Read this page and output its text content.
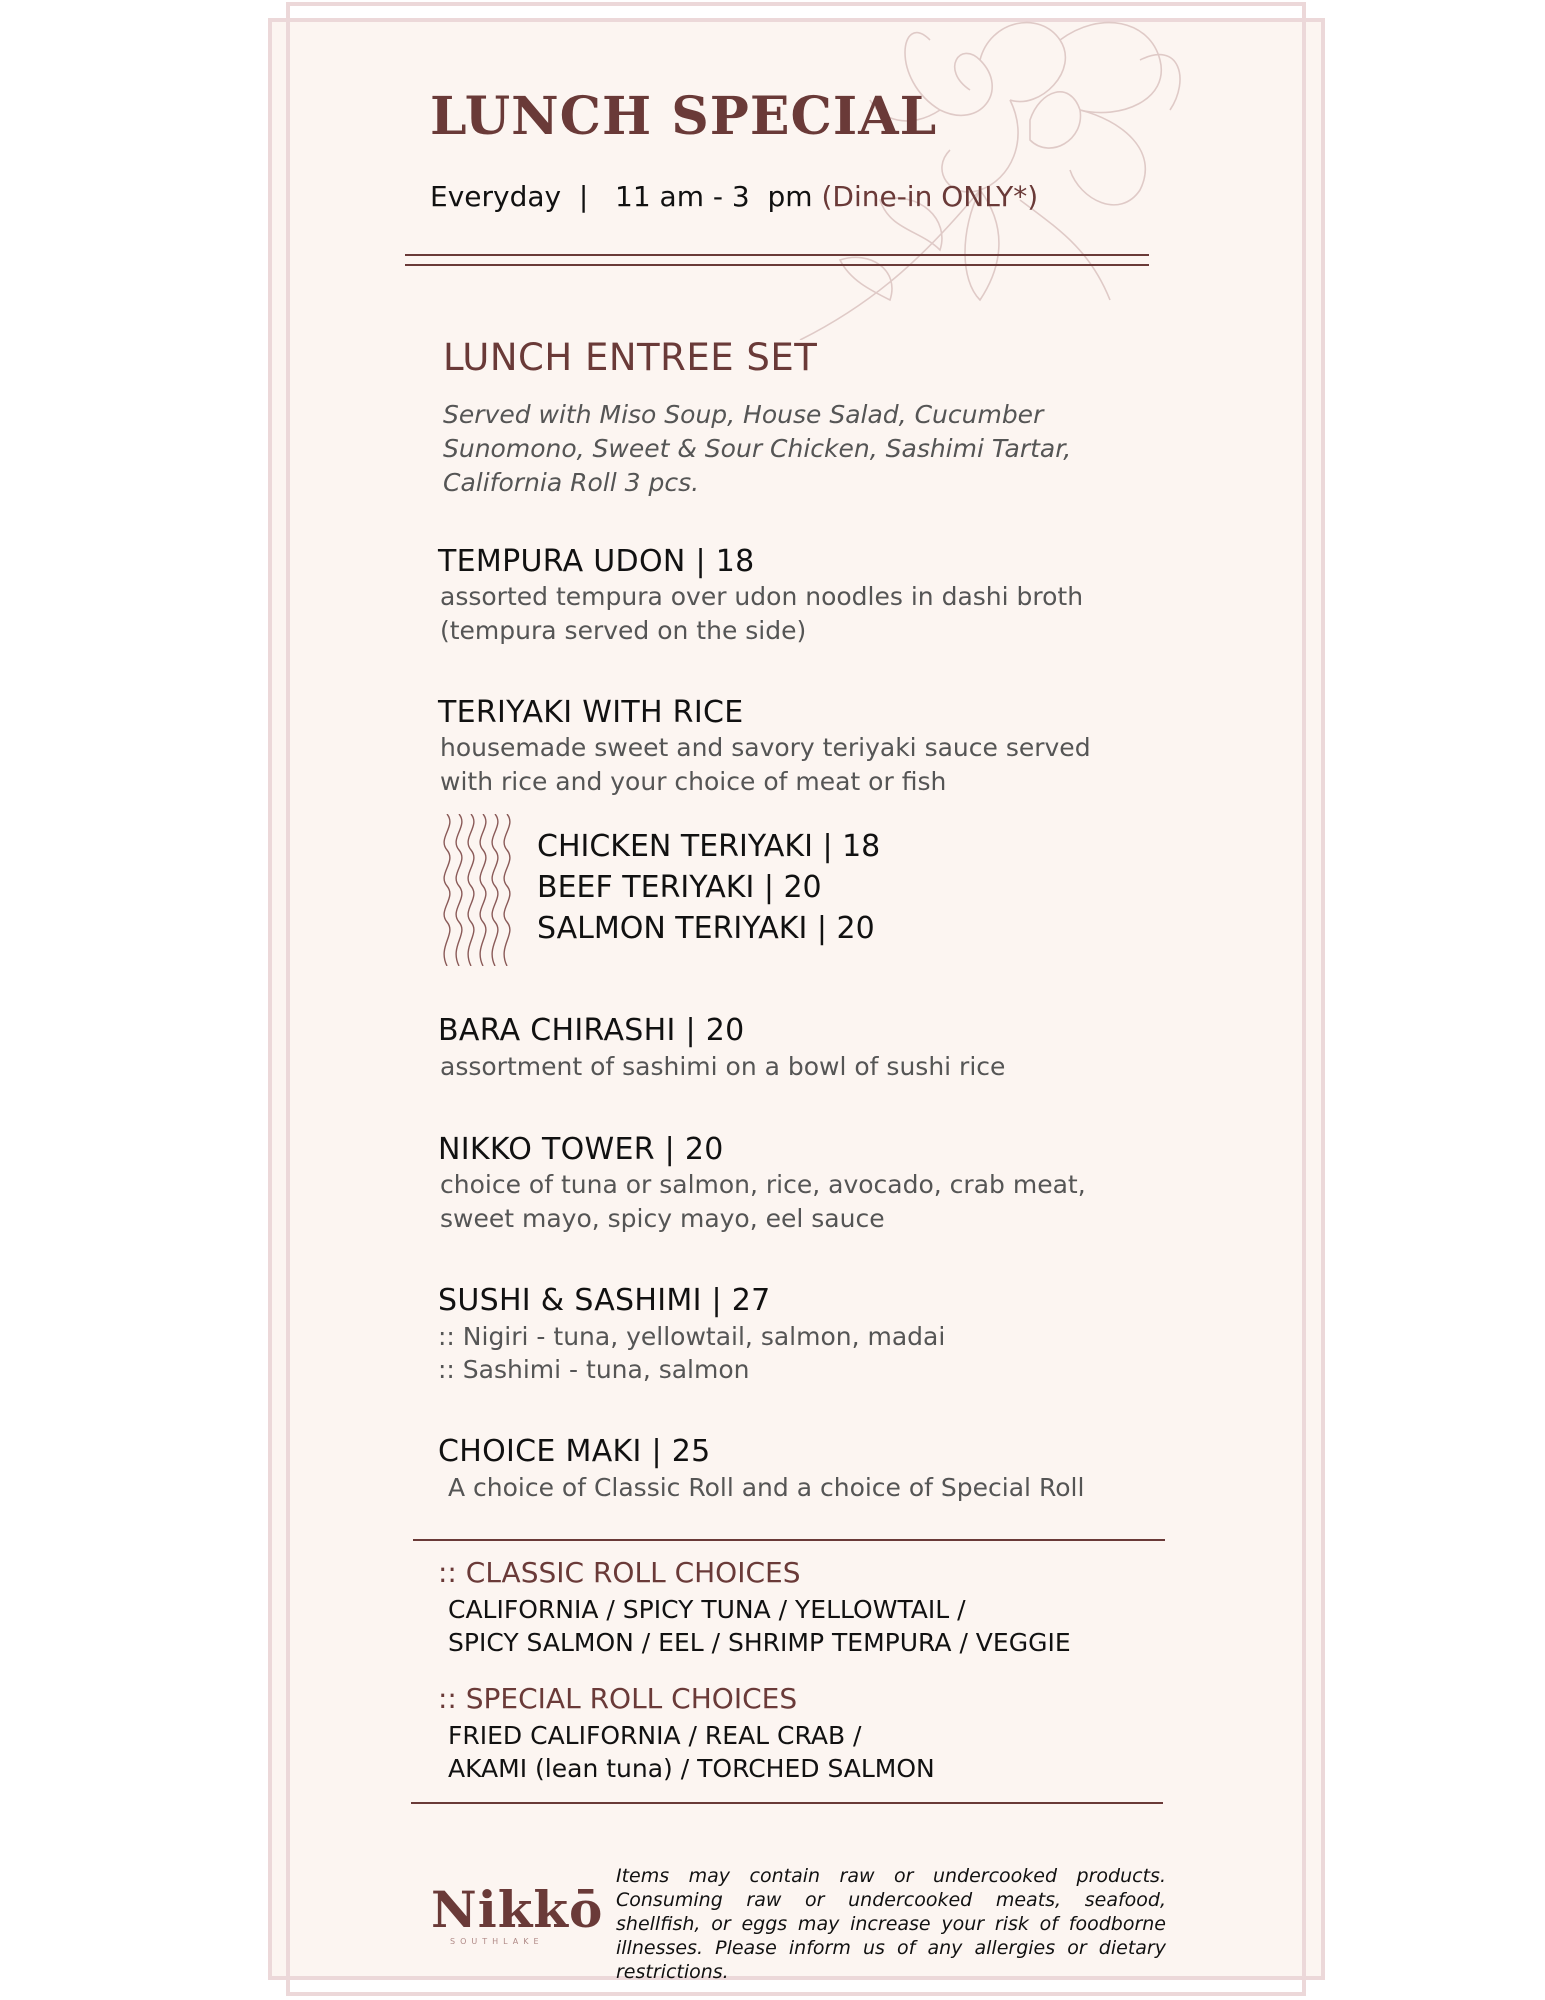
LUNCH SPECIAL
Everyday  |   11 am - 3  pm (Dine-in ONLY*)
LUNCH ENTREE SET
Served with Miso Soup, House Salad, Cucumber Sunomono, Sweet & Sour Chicken, Sashimi Tartar, California Roll 3 pcs.
TEMPURA UDON | 18
assorted tempura over udon noodles in dashi broth
(tempura served on the side)
TERIYAKI WITH RICE
housemade sweet and savory teriyaki sauce served
with rice and your choice of meat or fish
CHICKEN TERIYAKI | 18
BEEF TERIYAKI | 20
SALMON TERIYAKI | 20
BARA CHIRASHI | 20
assortment of sashimi on a bowl of sushi rice
NIKKO TOWER | 20
choice of tuna or salmon, rice, avocado, crab meat,
sweet mayo, spicy mayo, eel sauce
SUSHI & SASHIMI | 27
:: Nigiri - tuna, yellowtail, salmon, madai
:: Sashimi - tuna, salmon
CHOICE MAKI | 25
A choice of Classic Roll and a choice of Special Roll
:: CLASSIC ROLL CHOICES
CALIFORNIA / SPICY TUNA / YELLOWTAIL /
SPICY SALMON / EEL / SHRIMP TEMPURA / VEGGIE
:: SPECIAL ROLL CHOICES
FRIED CALIFORNIA / REAL CRAB /
AKAMI (lean tuna) / TORCHED SALMON
Nikkō
SOUTHLAKE
Items may contain raw or undercooked products. Consuming raw or undercooked meats, seafood, shellfish, or eggs may increase your risk of foodborne illnesses. Please inform us of any allergies or dietary restrictions.
